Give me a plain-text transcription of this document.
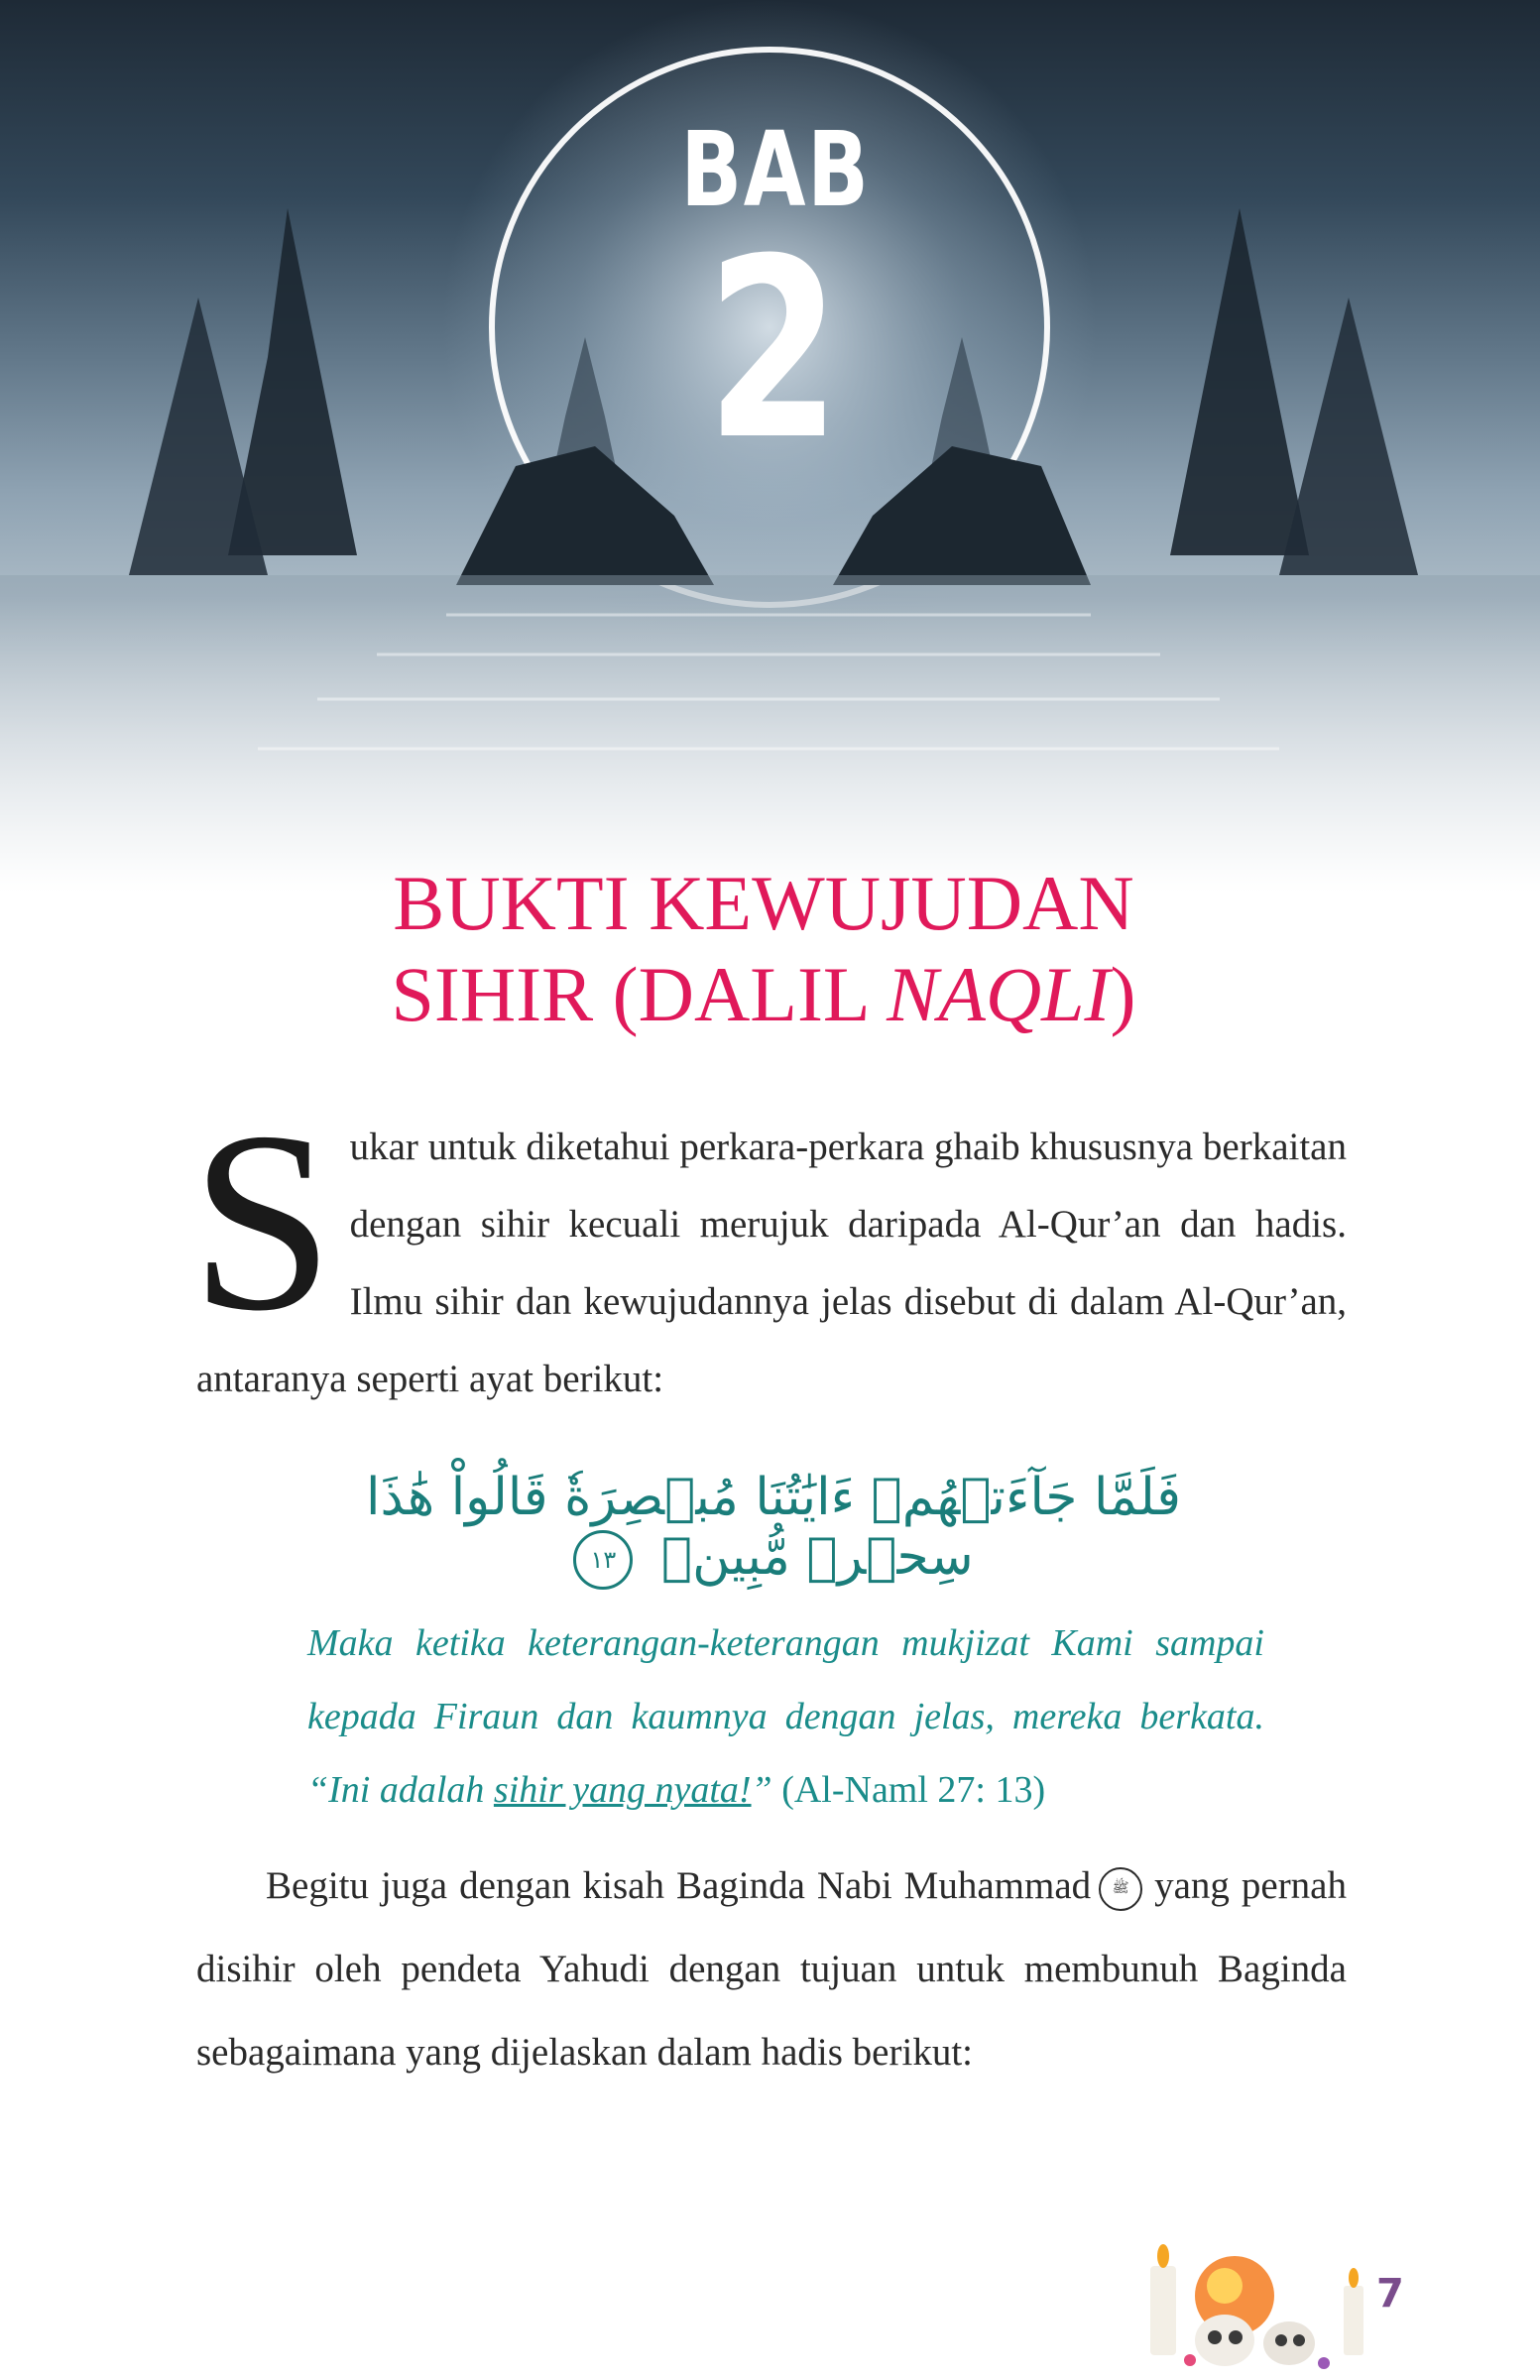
BAB
2
BUKTI KEWUJUDAN
SIHIR (DALIL NAQLI)
Sukar untuk diketahui perkara-perkara ghaib khususnya berkaitan dengan sihir kecuali merujuk daripada Al-Qur’an dan hadis. Ilmu sihir dan kewujudannya jelas disebut di dalam Al-Qur’an, antaranya seperti ayat berikut:
فَلَمَّا جَآءَتۡهُمۡ ءَايَٰتُنَا مُبۡصِرَةٗ قَالُواْ هَٰذَا سِحۡرٞ مُّبِينٞ ١٣
Maka ketika keterangan-keterangan mukjizat Kami sampai kepada Firaun dan kaumnya dengan jelas, mereka berkata. “Ini adalah sihir yang nyata!” (Al-Naml 27: 13)
Begitu juga dengan kisah Baginda Nabi Muhammad ﷺ yang pernah disihir oleh pendeta Yahudi dengan tujuan untuk membunuh Baginda sebagaimana yang dijelaskan dalam hadis berikut:
7
